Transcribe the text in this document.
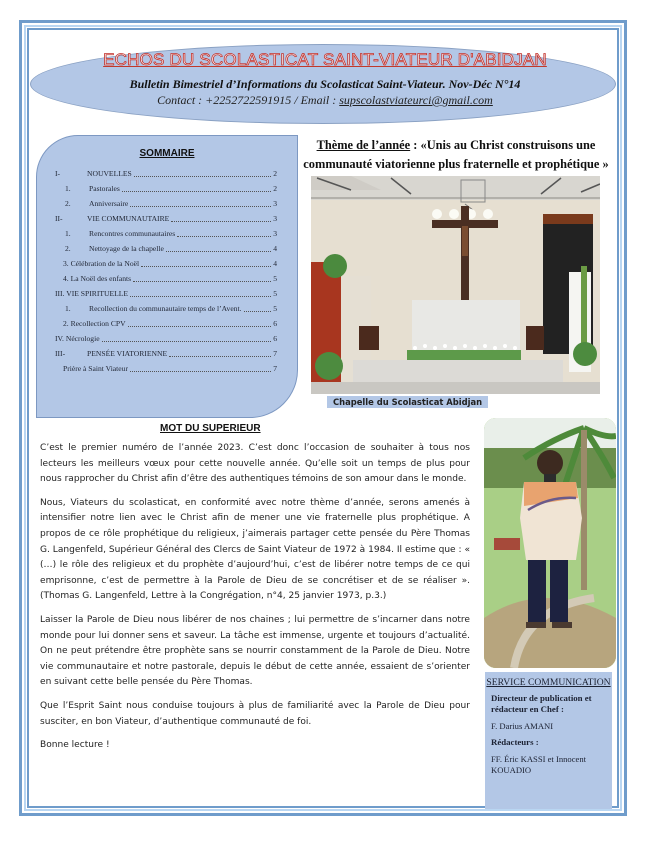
ECHOS DU SCOLASTICAT SAINT-VIATEUR D'ABIDJAN
Bulletin Bimestriel d’Informations du Scolasticat Saint-Viateur. Nov-Déc N°14
Contact : +2252722591915 / Email : supscolastviateurci@gmail.com
SOMMAIRE
I-	NOUVELLES	2
1.	Pastorales	2
2.	Anniversaire	3
II-	VIE COMMUNAUTAIRE	3
1.	Rencontres communautaires	3
2.	Nettoyage de la chapelle	4
3. Célébration de la Noël	4
4. La Noël des enfants	5
III. VIE SPIRITUELLE	5
1.	Recollection du communautaire temps de l’Avent.	5
2. Recollection CPV	6
IV. Nécrologie	6
III-	PENSÉE VIATORIENNE	7
Prière à Saint Viateur	7
Thème de l’année : «Unis au Christ construisons une communauté viatorienne plus fraternelle et prophétique »
Chapelle du Scolasticat Abidjan
MOT DU SUPERIEUR

C’est le premier numéro de l’année 2023. C’est donc l’occasion de souhaiter à tous nos lecteurs les meilleurs vœux pour cette nouvelle année. Qu’elle soit un temps de plus pour nous rapprocher du Christ afin d’être des authentiques témoins de son amour dans le monde.

Nous, Viateurs du scolasticat, en conformité avec notre thème d’année, serons amenés à intensifier notre lien avec le Christ afin de mener une vie fraternelle plus prophétique. A propos de ce rôle prophétique du religieux, j’aimerais partager cette pensée du Père Thomas G. Langenfeld, Supérieur Général des Clercs de Saint Viateur de 1972 à 1984. Il estime que : « (…) le rôle des religieux et du prophète d’aujourd’hui, c’est de libérer notre temps de ce qui emprisonne, c’est de permettre à la Parole de Dieu de se concrétiser et de se réaliser ». (Thomas G. Langenfeld, Lettre à la Congrégation, n°4, 25 janvier 1973, p.3.)

Laisser la Parole de Dieu nous libérer de nos chaines ; lui permettre de s’incarner dans notre monde pour lui donner sens et saveur. La tâche est immense, urgente et toujours d’actualité. On ne peut prétendre être prophète sans se nourrir constamment de la Parole de Dieu. Notre vie communautaire et notre pastorale, depuis le début de cette année, essaient de s’orienter en suivant cette belle pensée du Père Thomas.

Que l’Esprit Saint nous conduise toujours à plus de familiarité avec la Parole de Dieu pour susciter, en bon Viateur, d’authentique communauté de foi.

Bonne lecture !

SERVICE COMMUNICATION
Directeur de publication et rédacteur en Chef :
F. Darius AMANI
Rédacteurs :
FF. Éric KASSI et Innocent KOUADIO
